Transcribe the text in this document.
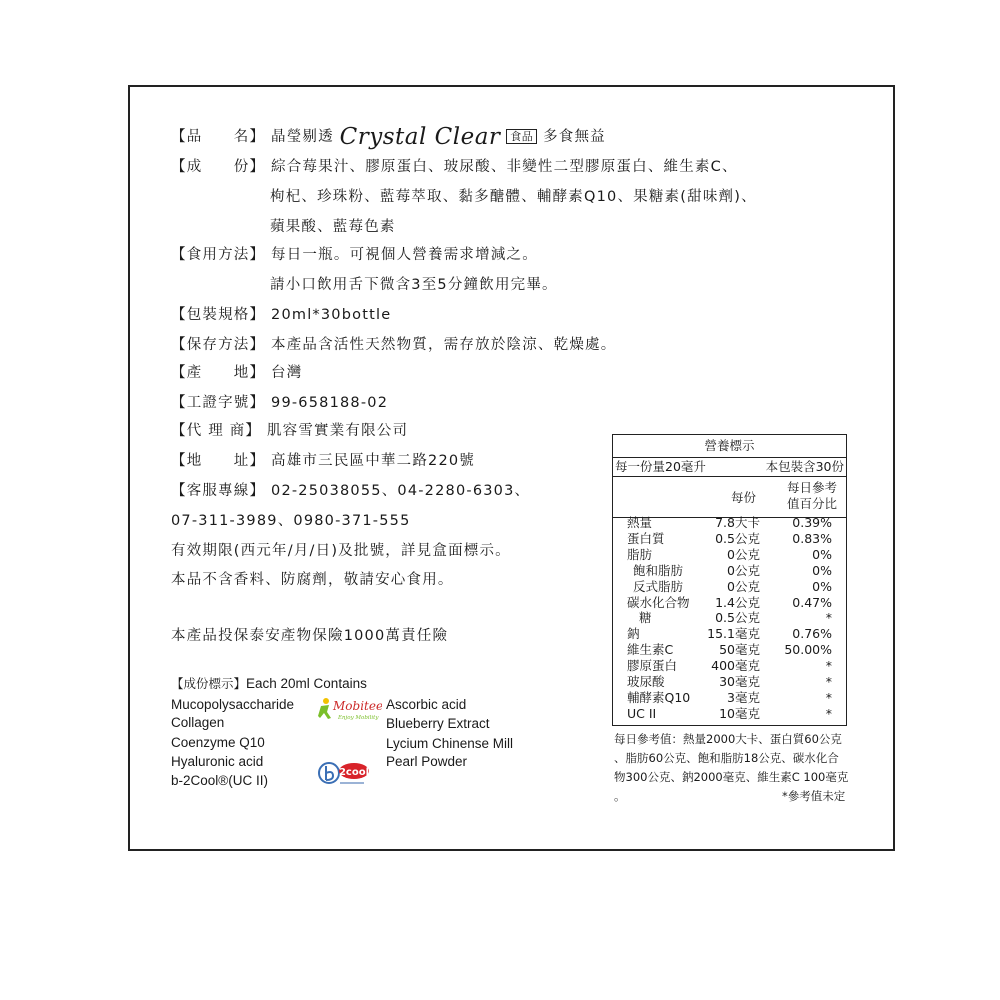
【品　　名】 晶瑩剔透 Crystal Clear 食品 多食無益
【成　　份】 綜合莓果汁、膠原蛋白、玻尿酸、非變性二型膠原蛋白、維生素C、
枸杞、珍珠粉、藍莓萃取、黏多醣體、輔酵素Q10、果糖素(甜味劑)、
蘋果酸、藍莓色素
【食用方法】 每日一瓶。可視個人營養需求增減之。
請小口飲用舌下微含3至5分鐘飲用完畢。
【包裝規格】 20ml*30bottle
【保存方法】 本產品含活性天然物質，需存放於陰涼、乾燥處。
【產　　地】 台灣
【工證字號】 99-658188-02
【代 理 商】 肌容雪實業有限公司
【地　　址】 高雄市三民區中華二路220號
【客服專線】 02-25038055、04-2280-6303、
07-311-3989、0980-371-555
有效期限(西元年/月/日)及批號，詳見盒面標示。
本品不含香料、防腐劑，敬請安心食用。
本產品投保泰安產物保險1000萬責任險
【成份標示】Each 20ml Contains
Mucopolysaccharide
Collagen
Coenzyme Q10
Hyaluronic acid
b-2Cool®(UC II)
Ascorbic acid
Blueberry Extract
Lycium Chinense Mill
Pearl Powder
Mobitee
Enjoy Mobility
2cool
營養標示
每一份量20毫升	本包裝含30份
每份
每日參考值百分比
熱量	7.8大卡	0.39%
蛋白質	0.5公克	0.83%
脂肪	0公克	0%
飽和脂肪	0公克	0%
反式脂肪	0公克	0%
碳水化合物 1.4公克	0.47%
糖	0.5公克	*
鈉	15.1毫克	0.76%
維生素C	50毫克 50.00%
膠原蛋白	400毫克	*
玻尿酸	30毫克	*
輔酵素Q10	3毫克	*
UC II	10毫克	*
每日參考值：熱量2000大卡、蛋白質60公克
、脂肪60公克、飽和脂肪18公克、碳水化合
物300公克、鈉2000毫克、維生素C 100毫克
。	*參考值未定
